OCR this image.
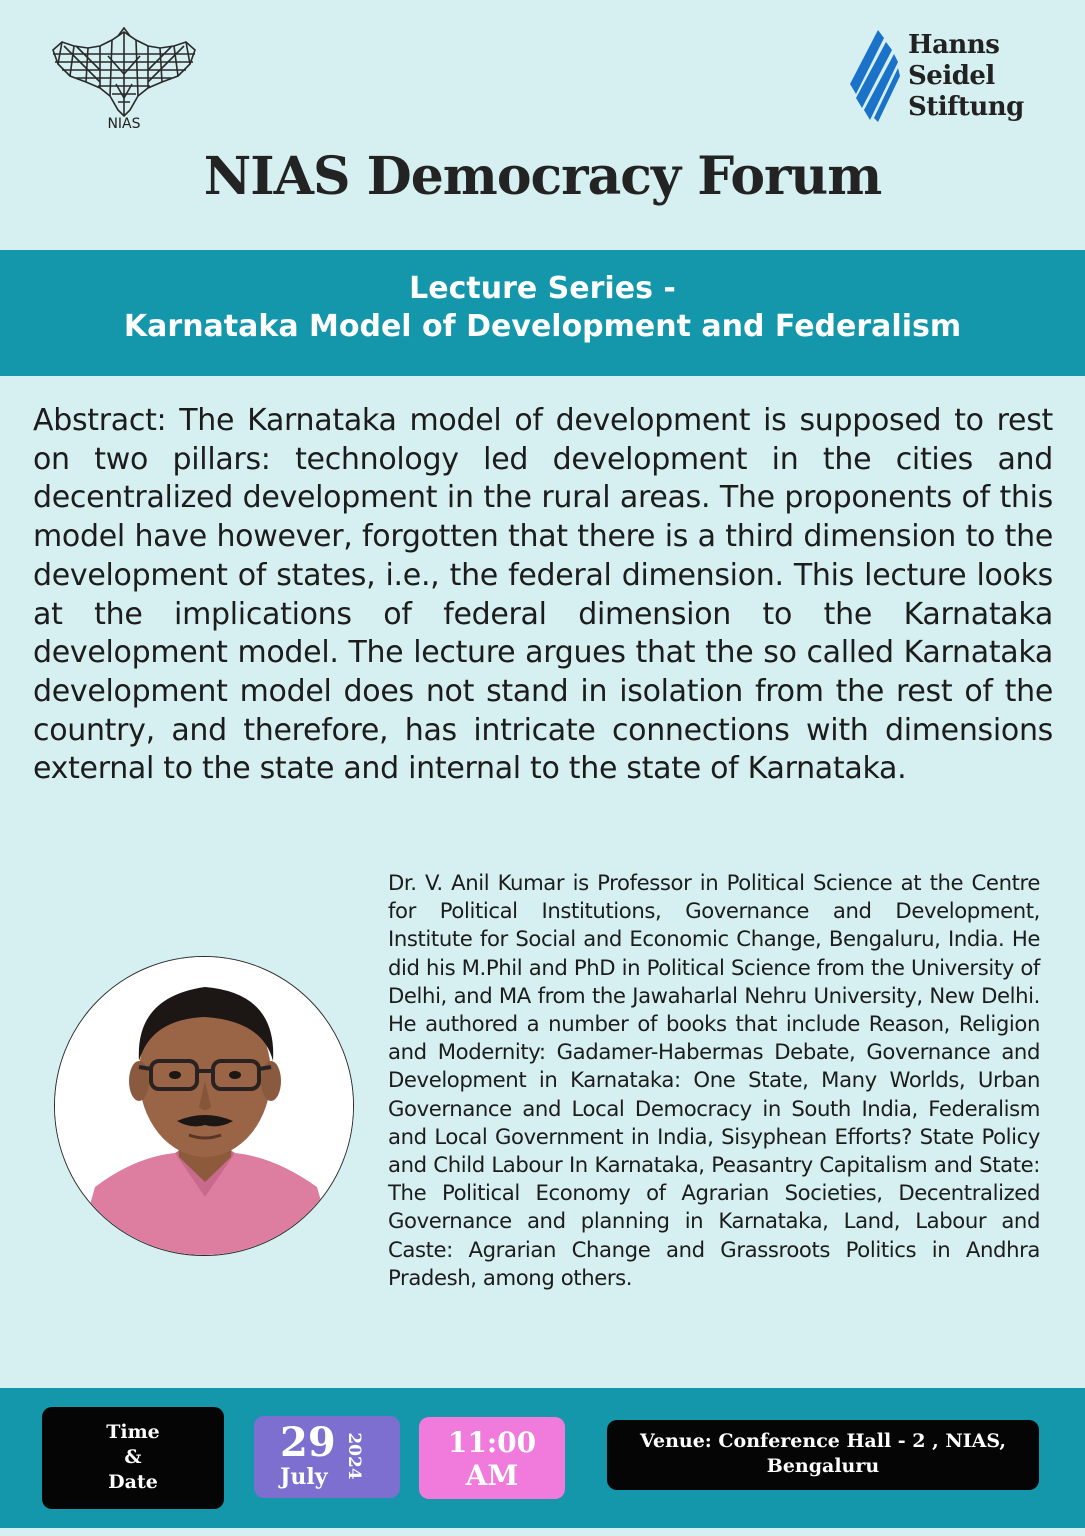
NIAS
Hanns
Seidel
Stiftung
NIAS Democracy Forum
Lecture Series -
Karnataka Model of Development and Federalism

Abstract: The Karnataka model of development is supposed to rest on two pillars: technology led development in the cities and decentralized development in the rural areas. The proponents of this model have however, forgotten that there is a third dimension to the development of states, i.e., the federal dimension. This lecture looks at the implications of federal dimension to the Karnataka development model. The lecture argues that the so called Karnataka development model does not stand in isolation from the rest of the country, and therefore, has intricate connections with dimensions external to the state and internal to the state of Karnataka.

Dr. V. Anil Kumar is Professor in Political Science at the Centre for Political Institutions, Governance and Development, Institute for Social and Economic Change, Bengaluru, India. He did his M.Phil and PhD in Political Science from the University of Delhi, and MA from the Jawaharlal Nehru University, New Delhi. He authored a number of books that include Reason, Religion and Modernity: Gadamer-Habermas Debate, Governance and Development in Karnataka: One State, Many Worlds, Urban Governance and Local Democracy in South India, Federalism and Local Government in India, Sisyphean Efforts? State Policy and Child Labour In Karnataka, Peasantry Capitalism and State: The Political Economy of Agrarian Societies, Decentralized Governance and planning in Karnataka, Land, Labour and Caste: Agrarian Change and Grassroots Politics in Andhra Pradesh, among others.

Time
&
Date
29
July 2024	11:00
AM
Venue: Conference Hall - 2 , NIAS, Bengaluru
